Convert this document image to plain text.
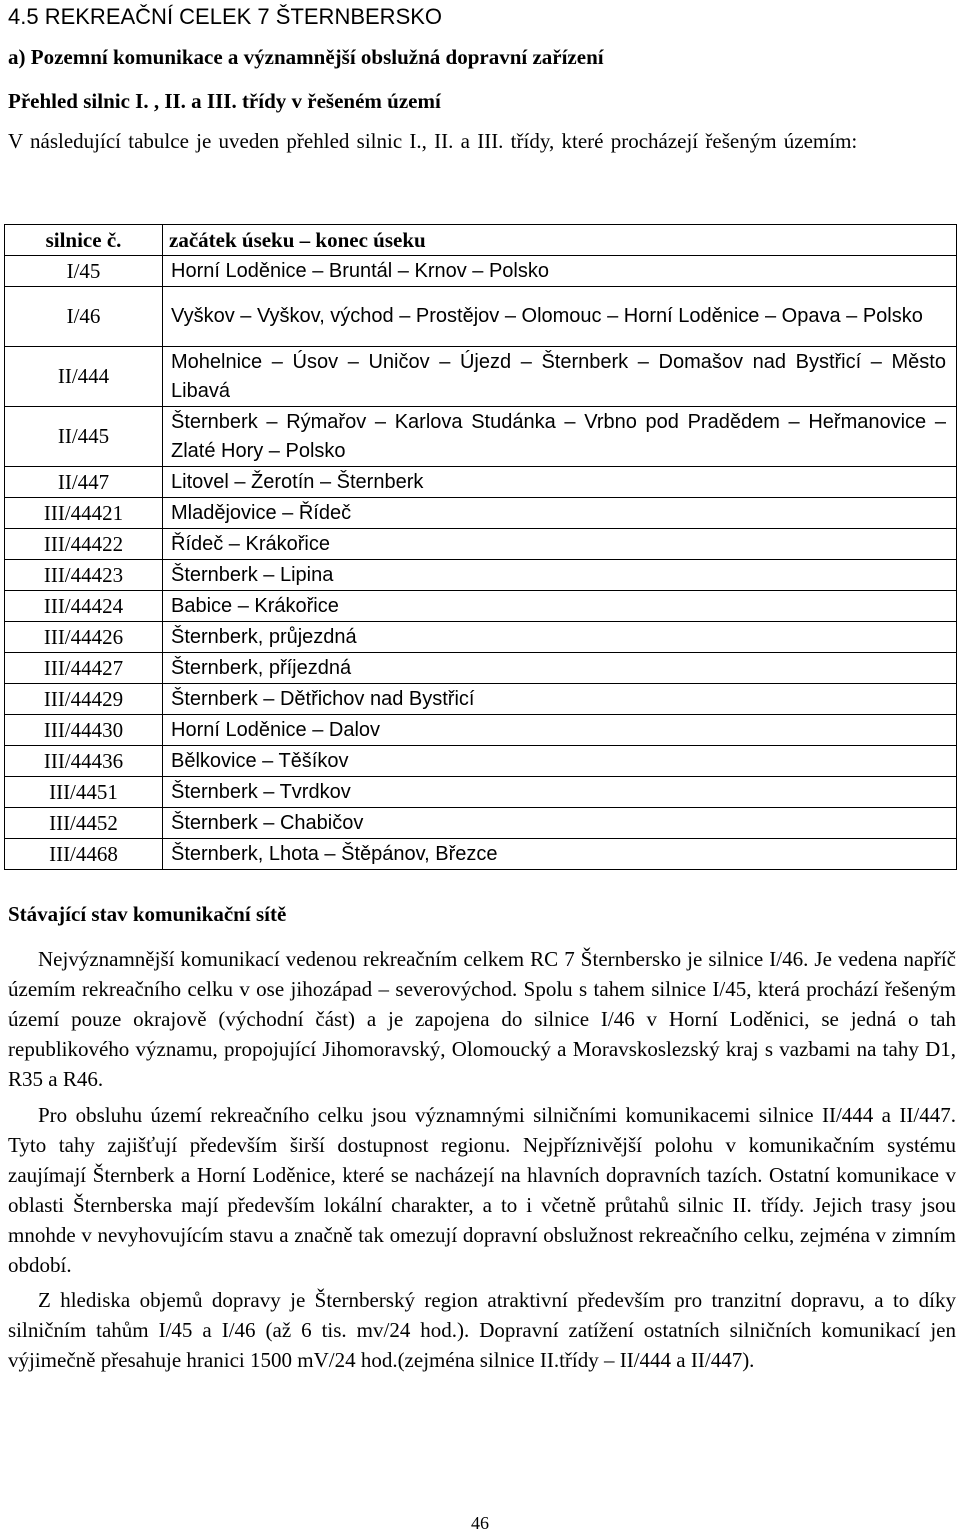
4.5 REKREAČNÍ CELEK 7 ŠTERNBERSKO
a) Pozemní komunikace a významnější obslužná dopravní zařízení
Přehled silnic I. , II. a III. třídy v řešeném území
V následující tabulce je uveden přehled silnic I., II. a III. třídy, které procházejí řešeným územím:
silnice č.	začátek úseku – konec úseku
I/45	Horní Loděnice – Bruntál – Krnov – Polsko
I/46	Vyškov – Vyškov, východ – Prostějov – Olomouc – Horní Loděnice – Opava – Polsko
II/444	Mohelnice – Úsov – Uničov – Újezd – Šternberk – Domašov nad Bystřicí – Město Libavá
II/445	Šternberk – Rýmařov – Karlova Studánka – Vrbno pod Pradědem – Heřmanovice – Zlaté Hory – Polsko
II/447	Litovel – Žerotín – Šternberk
III/44421	Mladějovice – Řídeč
III/44422	Řídeč – Krákořice
III/44423	Šternberk – Lipina
III/44424	Babice – Krákořice
III/44426	Šternberk, průjezdná
III/44427	Šternberk, příjezdná
III/44429	Šternberk – Dětřichov nad Bystřicí
III/44430	Horní Loděnice – Dalov
III/44436	Bělkovice – Těšíkov
III/4451	Šternberk – Tvrdkov
III/4452	Šternberk – Chabičov
III/4468	Šternberk, Lhota – Štěpánov, Březce
Stávající stav komunikační sítě

Nejvýznamnější komunikací vedenou rekreačním celkem RC 7 Šternbersko je silnice I/46. Je vedena napříč územím rekreačního celku v ose jihozápad – severovýchod. Spolu s tahem silnice I/45, která prochází řešeným území pouze okrajově (východní část) a je zapojena do silnice I/46 v Horní Loděnici, se jedná o tah republikového významu, propojující Jihomoravský, Olomoucký a Moravskoslezský kraj s vazbami na tahy D1, R35 a R46.

Pro obsluhu území rekreačního celku jsou významnými silničními komunikacemi silnice II/444 a II/447. Tyto tahy zajišťují především širší dostupnost regionu. Nejpříznivější polohu v komunikačním systému zaujímají Šternberk a Horní Loděnice, které se nacházejí na hlavních dopravních tazích. Ostatní komunikace v oblasti Šternberska mají především lokální charakter, a to i včetně průtahů silnic II. třídy. Jejich trasy jsou mnohde v nevyhovujícím stavu a značně tak omezují dopravní obslužnost rekreačního celku, zejména v zimním období.

Z hlediska objemů dopravy je Šternberský region atraktivní především pro tranzitní dopravu, a to díky silničním tahům I/45 a I/46 (až 6 tis. mv/24 hod.). Dopravní zatížení ostatních silničních komunikací jen výjimečně přesahuje hranici 1500 mV/24 hod.(zejména silnice II.třídy – II/444 a II/447).

46
